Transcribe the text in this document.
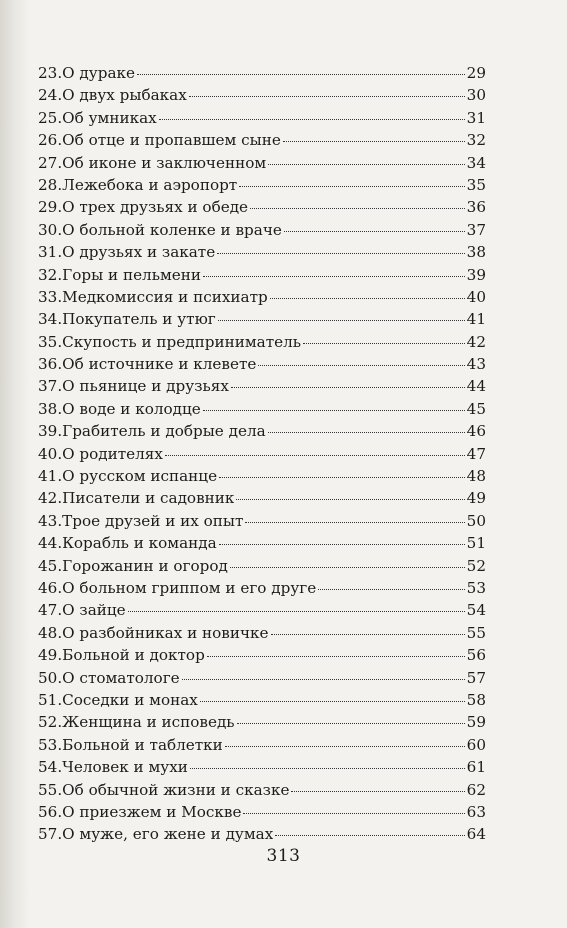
23.О дураке	29
24.О двух рыбаках	30
25.Об умниках	31
26.Об отце и пропавшем сыне	32
27.Об иконе и заключенном	34
28.Лежебока и аэропорт	35
29.О трех друзьях и обеде	36
30.О больной коленке и враче	37
31.О друзьях и закате	38
32.Горы и пельмени	39
33.Медкомиссия и психиатр	40
34.Покупатель и утюг	41
35.Скупость и предприниматель	42
36.Об источнике и клевете	43
37.О пьянице и друзьях	44
38.О воде и колодце	45
39.Грабитель и добрые дела	46
40.О родителях	47
41.О русском испанце	48
42.Писатели и садовник	49
43.Трое друзей и их опыт	50
44.Корабль и команда	51
45.Горожанин и огород	52
46.О больном гриппом и его друге	53
47.О зайце	54
48.О разбойниках и новичке	55
49.Больной и доктор	56
50.О стоматологе	57
51.Соседки и монах	58
52.Женщина и исповедь	59
53.Больной и таблетки	60
54.Человек и мухи	61
55.Об обычной жизни и сказке	62
56.О приезжем и Москве	63
57.О муже, его жене и думах	64
313
